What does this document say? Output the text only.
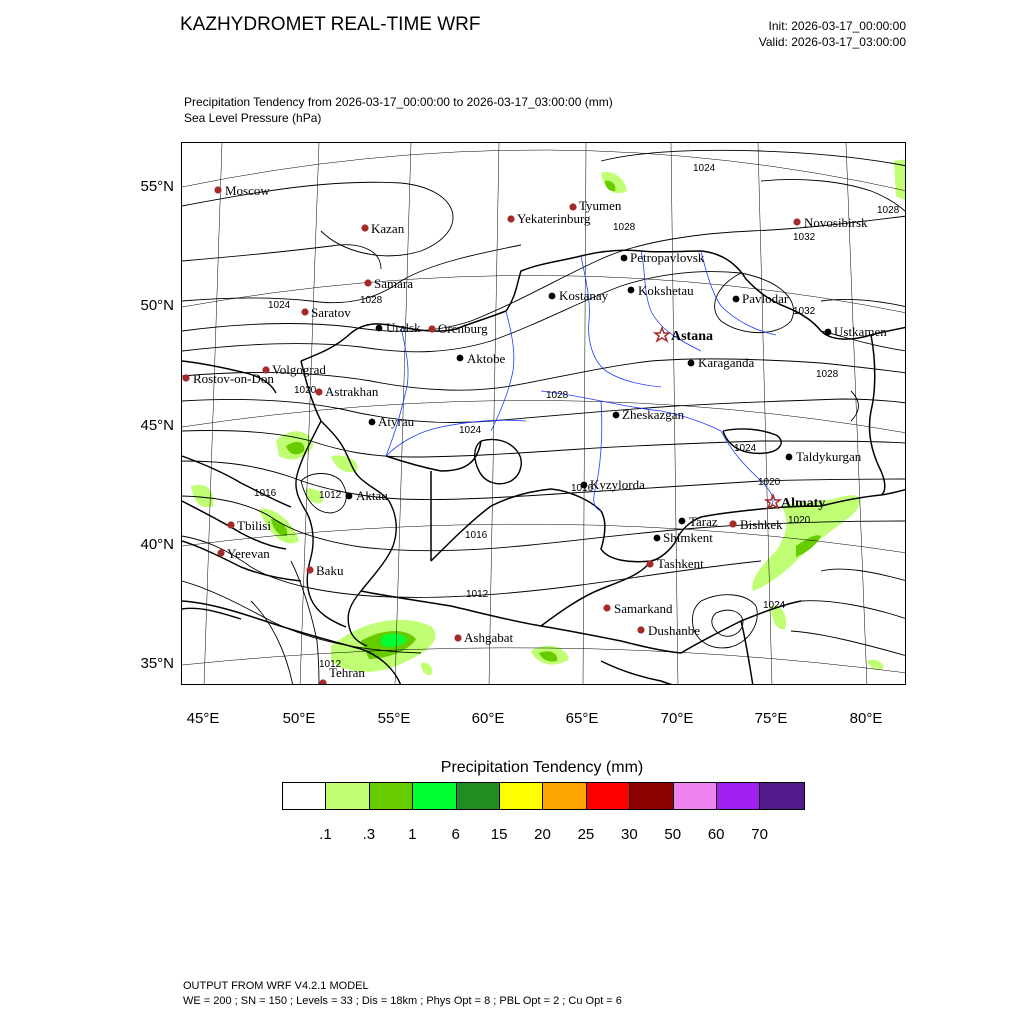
KAZHYDROMET REAL-TIME WRF	Init: 2026-03-17_00:00:00
Valid: 2026-03-17_03:00:00
Precipitation Tendency from 2026-03-17_00:00:00 to 2026-03-17_03:00:00 (mm)
Sea Level Pressure (hPa)
55°N
50°N
45°N
40°N
35°N
45°E	50°E	55°E	60°E	65°E	70°E	75°E	80°E
Moscow
Kazan
Samara
Saratov
Volgograd
Rostov-on-Don
Astrakhan
Uralsk Orenburg
Aktobe
Atyrau
Aktau
Tbilisi
Yerevan
Baku
Tehran
Ashgabat
Yekaterinburg
Tyumen
Kostanay
Petropavlovsk
Kokshetau
Astana
Pavlodar
Novosibirsk
Ustkamen
Karaganda
Zheskazgan
Taldykurgan
Almaty
Kyzylorda
Taraz Bishkek
Shimkent
Tashkent
Samarkand
Dushanbe
1024
1028
1032
1028
1024	1028
1032
1028
1028
1024
1024
1020
1020
1016	1012
1016
1012
1024
1012
1020
1016
Precipitation Tendency (mm)
.1 .3 1 6 15 20 25 30 50 60 70
OUTPUT FROM WRF V4.2.1 MODEL
WE = 200 ; SN = 150 ; Levels = 33 ; Dis = 18km ; Phys Opt = 8 ; PBL Opt = 2 ; Cu Opt = 6
